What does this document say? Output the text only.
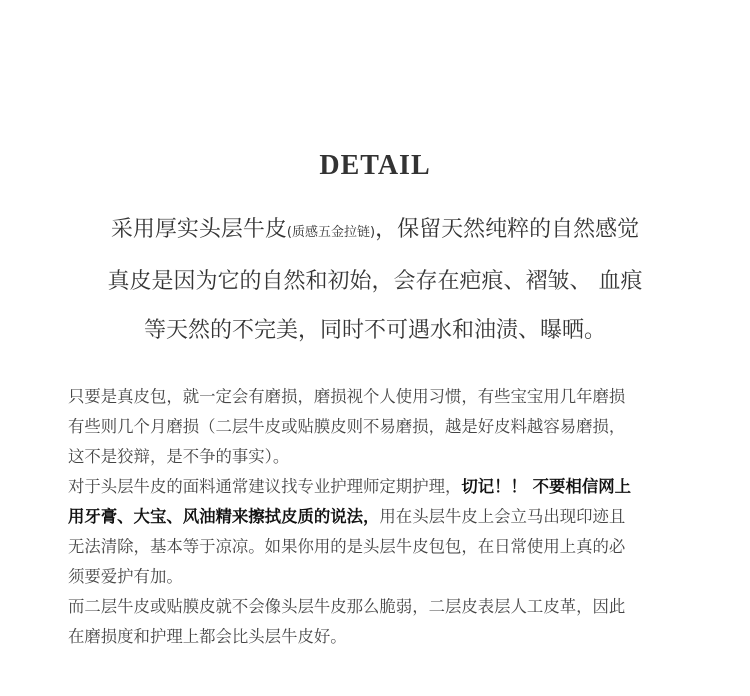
DETAIL
采用厚实头层牛皮(质感五金拉链)，保留天然纯粹的自然感觉
真皮是因为它的自然和初始，会存在疤痕、褶皱、 血痕
等天然的不完美，同时不可遇水和油渍、曝晒。
只要是真皮包，就一定会有磨损，磨损视个人使用习惯，有些宝宝用几年磨损
有些则几个月磨损（二层牛皮或贴膜皮则不易磨损，越是好皮料越容易磨损，
这不是狡辩，是不争的事实）。
对于头层牛皮的面料通常建议找专业护理师定期护理，切记！！ 不要相信网上
用牙膏、大宝、风油精来擦拭皮质的说法，用在头层牛皮上会立马出现印迹且
无法清除，基本等于凉凉。如果你用的是头层牛皮包包，在日常使用上真的必
须要爱护有加。
而二层牛皮或贴膜皮就不会像头层牛皮那么脆弱，二层皮表层人工皮革，因此
在磨损度和护理上都会比头层牛皮好。
